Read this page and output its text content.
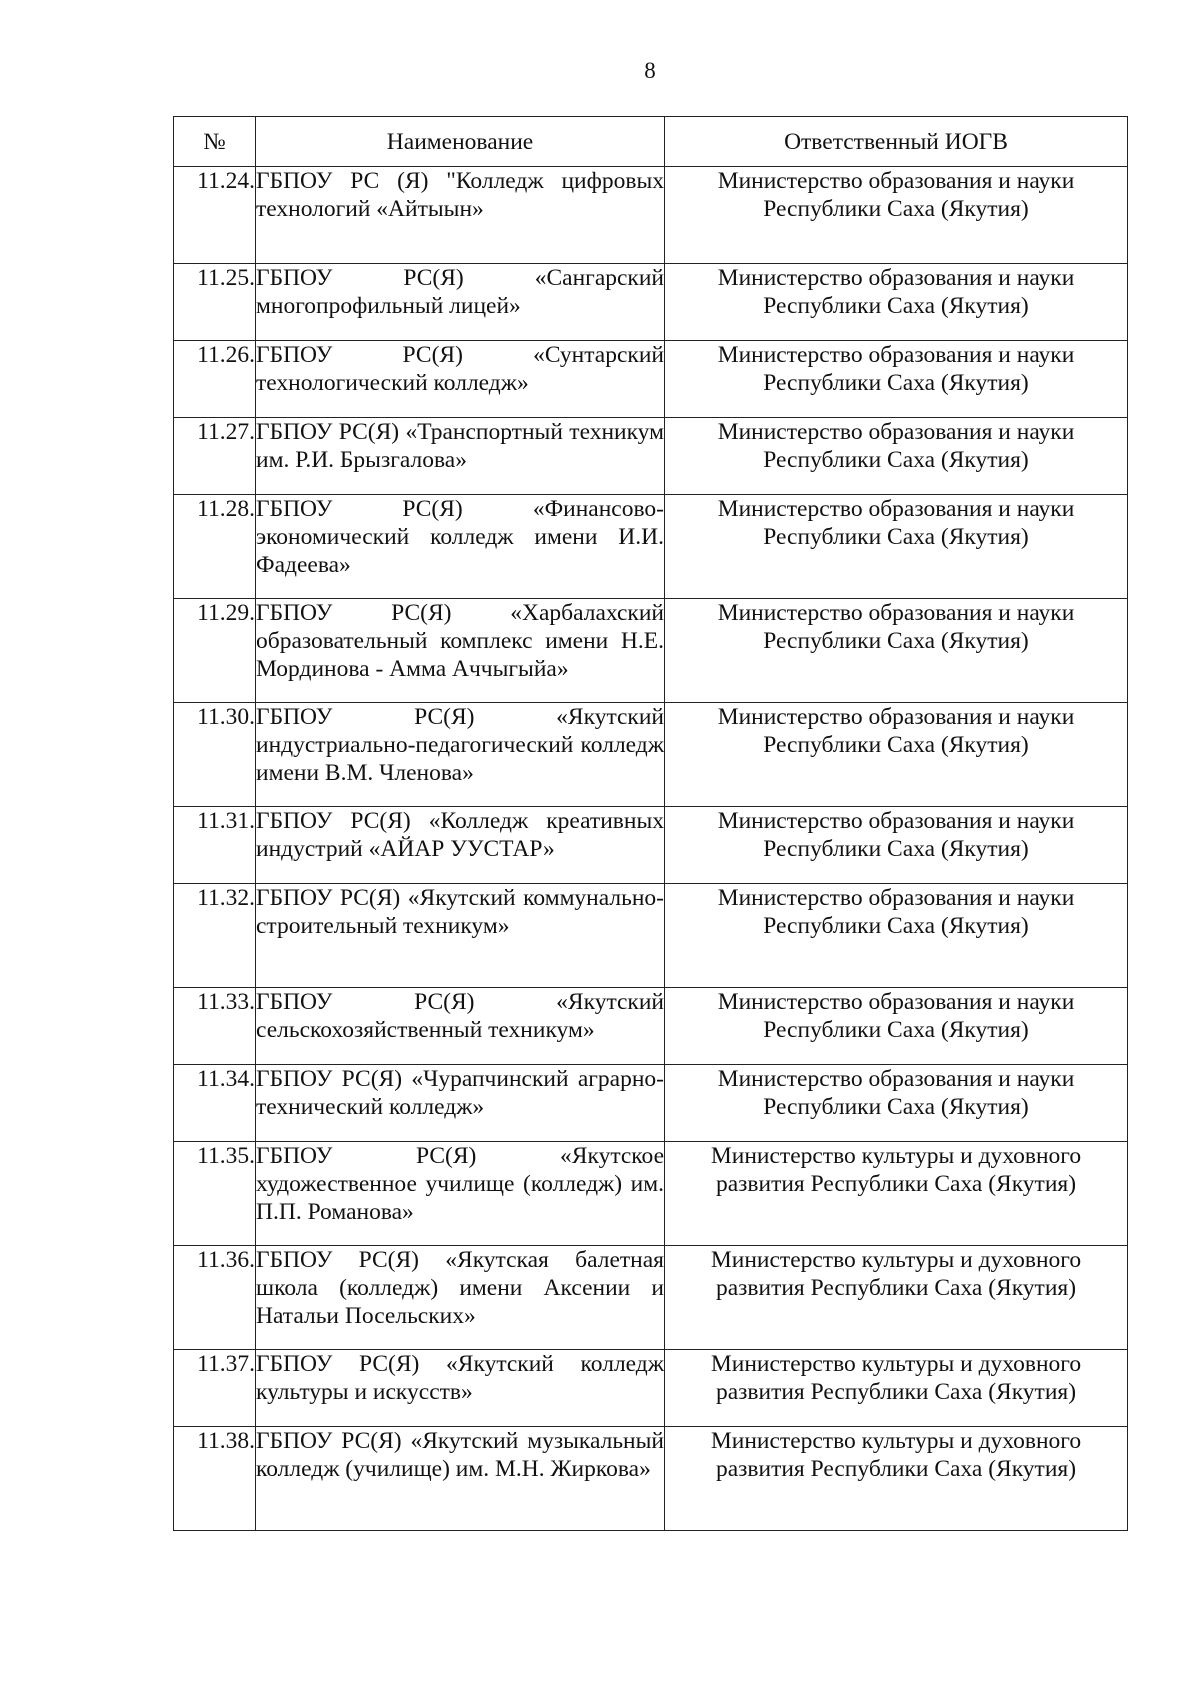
8
№	Наименование	Ответственный ИОГВ
11.24.	ГБПОУ РС (Я) "Колледж цифровых технологий «Айтыын»	Министерство образования и науки Республики Саха (Якутия)
11.25.	ГБПОУ РС(Я) «Сангарский многопрофильный лицей»	Министерство образования и науки Республики Саха (Якутия)
11.26.	ГБПОУ РС(Я) «Сунтарский технологический колледж»	Министерство образования и науки Республики Саха (Якутия)
11.27.	ГБПОУ РС(Я) «Транспортный техникум им. Р.И. Брызгалова»	Министерство образования и науки Республики Саха (Якутия)
11.28.	ГБПОУ РС(Я) «Финансово-экономический колледж имени И.И. Фадеева»	Министерство образования и науки Республики Саха (Якутия)
11.29.	ГБПОУ РС(Я) «Харбалахский образовательный комплекс имени Н.Е. Мординова - Амма Аччыгыйа»	Министерство образования и науки Республики Саха (Якутия)
11.30.	ГБПОУ РС(Я) «Якутский индустриально-педагогический колледж имени В.М. Членова»	Министерство образования и науки Республики Саха (Якутия)
11.31.	ГБПОУ РС(Я) «Колледж креативных индустрий «АЙАР УУСТАР»	Министерство образования и науки Республики Саха (Якутия)
11.32.	ГБПОУ РС(Я) «Якутский коммунально-строительный техникум»	Министерство образования и науки Республики Саха (Якутия)
11.33.	ГБПОУ РС(Я) «Якутский сельскохозяйственный техникум»	Министерство образования и науки Республики Саха (Якутия)
11.34.	ГБПОУ РС(Я) «Чурапчинский аграрно-технический колледж»	Министерство образования и науки Республики Саха (Якутия)
11.35.	ГБПОУ РС(Я) «Якутское художественное училище (колледж) им. П.П. Романова»	Министерство культуры и духовного развития Республики Саха (Якутия)
11.36.	ГБПОУ РС(Я) «Якутская балетная школа (колледж) имени Аксении и Натальи Посельских»	Министерство культуры и духовного развития Республики Саха (Якутия)
11.37.	ГБПОУ РС(Я) «Якутский колледж культуры и искусств»	Министерство культуры и духовного развития Республики Саха (Якутия)
11.38.	ГБПОУ РС(Я) «Якутский музыкальный колледж (училище) им. М.Н. Жиркова»	Министерство культуры и духовного развития Республики Саха (Якутия)
